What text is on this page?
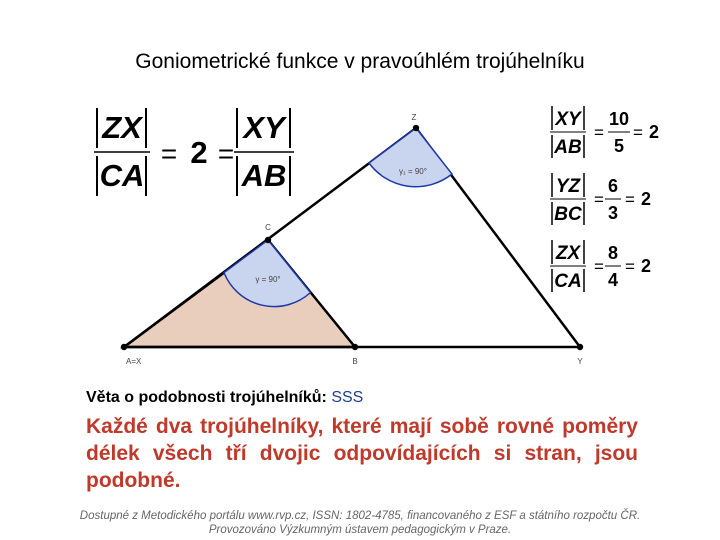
Goniometrické funkce v pravoúhlém trojúhelníku
ZX
CA
= 2 =
XY
AB
γ = 90°
γ₁ = 90°
Z
C
A=X	B	Y
XY
AB
=
10
5
= 2
YZ
BC
=
6
3
= 2
ZX
CA
=
8
4
= 2
Věta o podobnosti trojúhelníků: SSS
Každé dva trojúhelníky, které mají sobě rovné poměry délek všech tří dvojic odpovídajících si stran, jsou podobné.
Dostupné z Metodického portálu www.rvp.cz, ISSN: 1802-4785, financovaného z ESF a státního rozpočtu ČR.
Provozováno Výzkumným ústavem pedagogickým v Praze.
